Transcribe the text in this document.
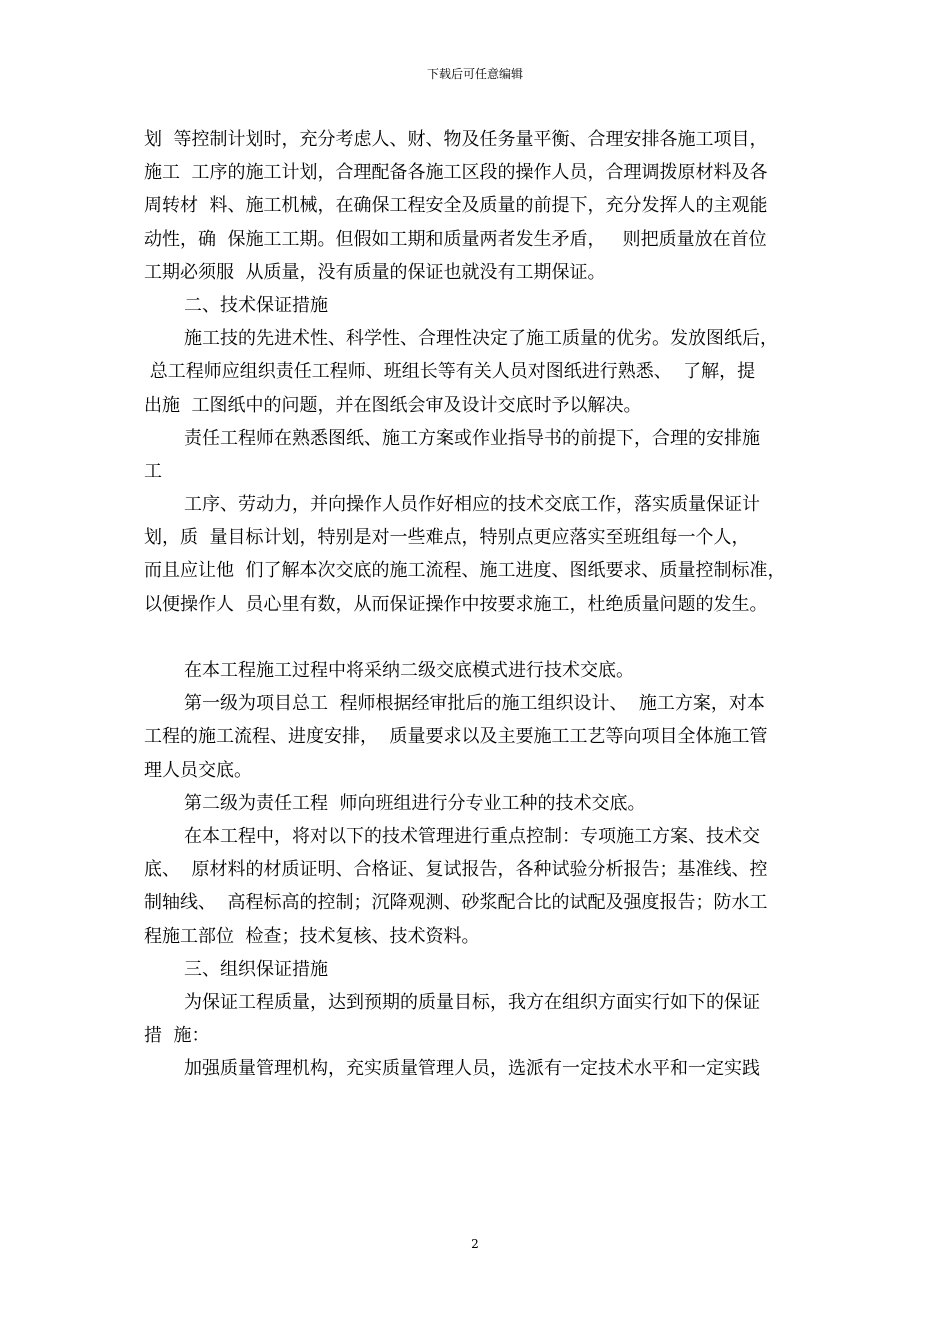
下载后可任意编辑
划  等控制计划时，充分考虑人、财、物及任务量平衡、合理安排各施工项目，
施工  工序的施工计划，合理配备各施工区段的操作人员，合理调拨原材料及各
周转材  料、施工机械，在确保工程安全及质量的前提下，充分发挥人的主观能
动性，确  保施工工期。但假如工期和质量两者发生矛盾，   则把质量放在首位
工期必须服  从质量，没有质量的保证也就没有工期保证。
二、技术保证措施
施工技的先进术性、科学性、合理性决定了施工质量的优劣。发放图纸后，
总工程师应组织责任工程师、班组长等有关人员对图纸进行熟悉、  了解，提
出施  工图纸中的问题，并在图纸会审及设计交底时予以解决。
责任工程师在熟悉图纸、施工方案或作业指导书的前提下，合理的安排施
工
工序、劳动力，并向操作人员作好相应的技术交底工作，落实质量保证计
划，质  量目标计划，特别是对一些难点，特别点更应落实至班组每一个人，
而且应让他  们了解本次交底的施工流程、施工进度、图纸要求、质量控制标准，
以便操作人  员心里有数，从而保证操作中按要求施工，杜绝质量问题的发生。
在本工程施工过程中将采纳二级交底模式进行技术交底。
第一级为项目总工  程师根据经审批后的施工组织设计、  施工方案，对本
工程的施工流程、进度安排，  质量要求以及主要施工工艺等向项目全体施工管
理人员交底。
第二级为责任工程  师向班组进行分专业工种的技术交底。
在本工程中，将对以下的技术管理进行重点控制：专项施工方案、技术交
底、  原材料的材质证明、合格证、复试报告，各种试验分析报告；基准线、控
制轴线、  高程标高的控制；沉降观测、砂浆配合比的试配及强度报告；防水工
程施工部位  检查；技术复核、技术资料。
三、组织保证措施
为保证工程质量，达到预期的质量目标，我方在组织方面实行如下的保证
措  施：
加强质量管理机构，充实质量管理人员，选派有一定技术水平和一定实践
2
